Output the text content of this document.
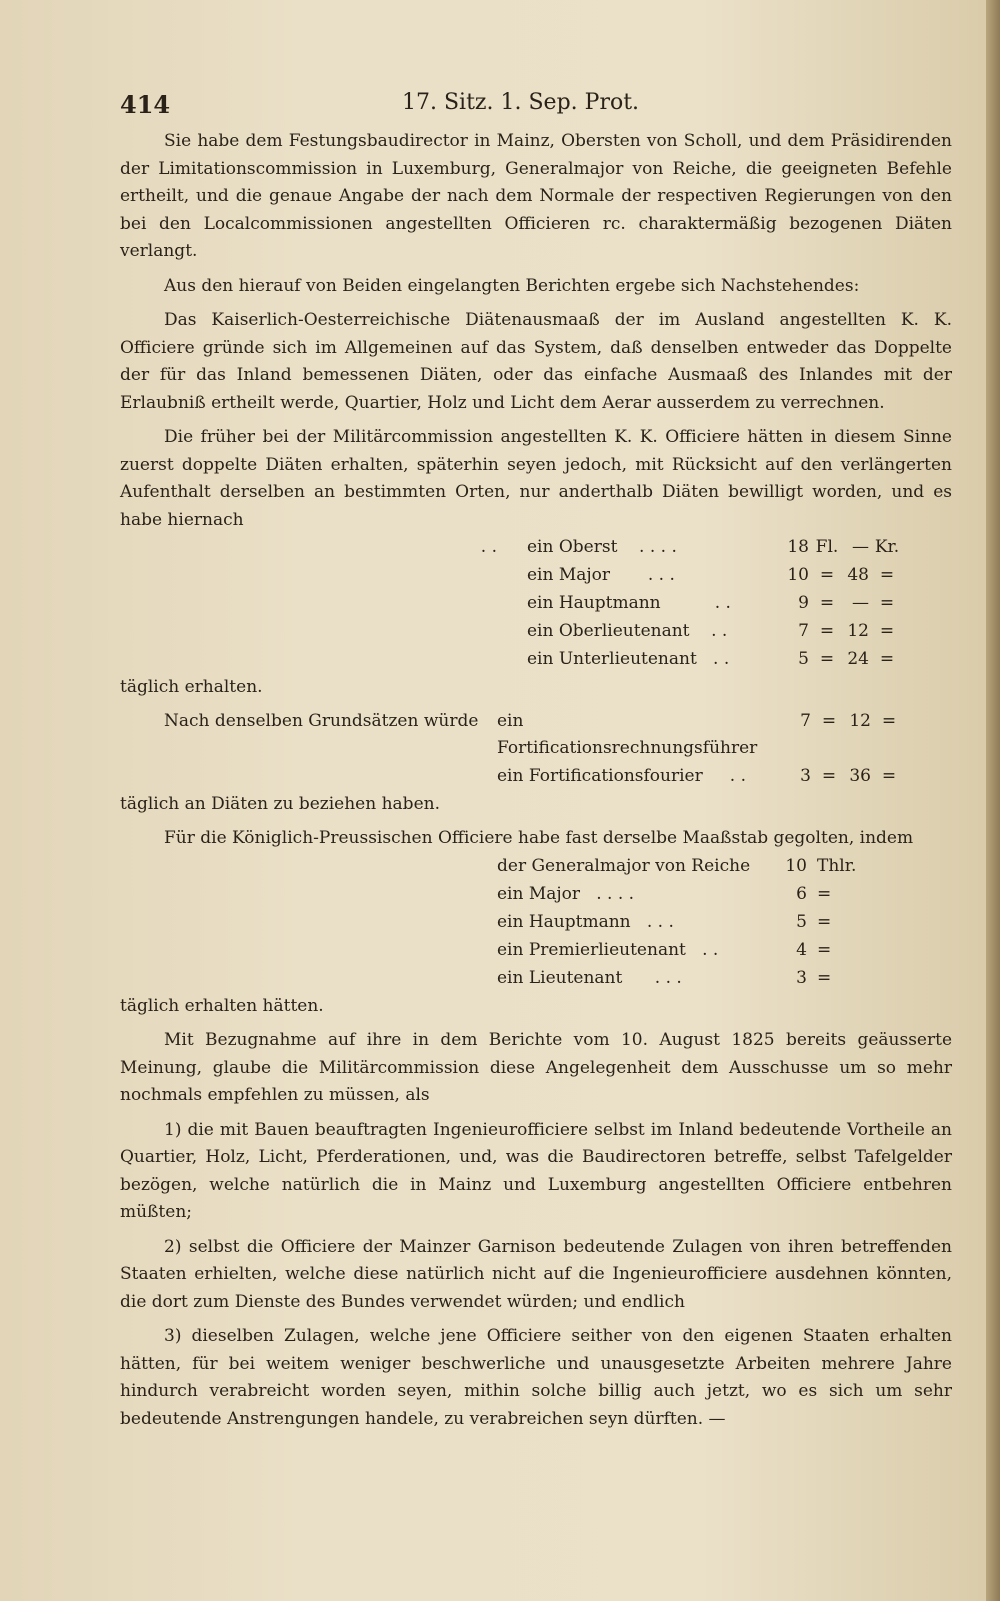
414	17. Sitz. 1. Sep. Prot.

Sie habe dem Festungsbaudirector in Mainz, Obersten von Scholl, und dem Präsidirenden der Limitationscommission in Luxemburg, Generalmajor von Reiche, die geeigneten Befehle ertheilt, und die genaue Angabe der nach dem Normale der respectiven Regierungen von den bei den Localcommissionen angestellten Officieren rc. charaktermäßig bezogenen Diäten verlangt.

Aus den hierauf von Beiden eingelangten Berichten ergebe sich Nachstehendes:

Das Kaiserlich-Oesterreichische Diätenausmaaß der im Ausland angestellten K. K. Officiere gründe sich im Allgemeinen auf das System, daß denselben entweder das Doppelte der für das Inland bemessenen Diäten, oder das einfache Ausmaaß des Inlandes mit der Erlaubniß ertheilt werde, Quartier, Holz und Licht dem Aerar ausserdem zu verrechnen.

Die früher bei der Militärcommission angestellten K. K. Officiere hätten in diesem Sinne zuerst doppelte Diäten erhalten, späterhin seyen jedoch, mit Rücksicht auf den verlängerten Aufenthalt derselben an bestimmten Orten, nur anderthalb Diäten bewilligt worden, und es habe hiernach

. .	ein Oberst . . . .	18	Fl.	—	Kr.
	ein Major . . .	10	=	48	=
	ein Hauptmann . .	9	=	—	=
	ein Oberlieutenant . .	7	=	12	=
	ein Unterlieutenant . .	5	=	24	=

täglich erhalten.

Nach denselben Grundsätzen würde	ein Fortificationsrechnungsführer	7	=	12	=
	ein Fortificationsfourier . .	3	=	36	=

täglich an Diäten zu beziehen haben.

Für die Königlich-Preussischen Officiere habe fast derselbe Maaßstab gegolten, indem

	der Generalmajor von Reiche	10	Thlr.
	ein Major . . . .	6	=
	ein Hauptmann . . .	5	=
	ein Premierlieutenant . .	4	=
	ein Lieutenant . . .	3	=

täglich erhalten hätten.

Mit Bezugnahme auf ihre in dem Berichte vom 10. August 1825 bereits geäusserte Meinung, glaube die Militärcommission diese Angelegenheit dem Ausschusse um so mehr nochmals empfehlen zu müssen, als

1) die mit Bauen beauftragten Ingenieurofficiere selbst im Inland bedeutende Vortheile an Quartier, Holz, Licht, Pferderationen, und, was die Baudirectoren betreffe, selbst Tafelgelder bezögen, welche natürlich die in Mainz und Luxemburg angestellten Officiere entbehren müßten;

2) selbst die Officiere der Mainzer Garnison bedeutende Zulagen von ihren betreffenden Staaten erhielten, welche diese natürlich nicht auf die Ingenieurofficiere ausdehnen könnten, die dort zum Dienste des Bundes verwendet würden; und endlich

3) dieselben Zulagen, welche jene Officiere seither von den eigenen Staaten erhalten hätten, für bei weitem weniger beschwerliche und unausgesetzte Arbeiten mehrere Jahre hindurch verabreicht worden seyen, mithin solche billig auch jetzt, wo es sich um sehr bedeutende Anstrengungen handele, zu verabreichen seyn dürften. —
